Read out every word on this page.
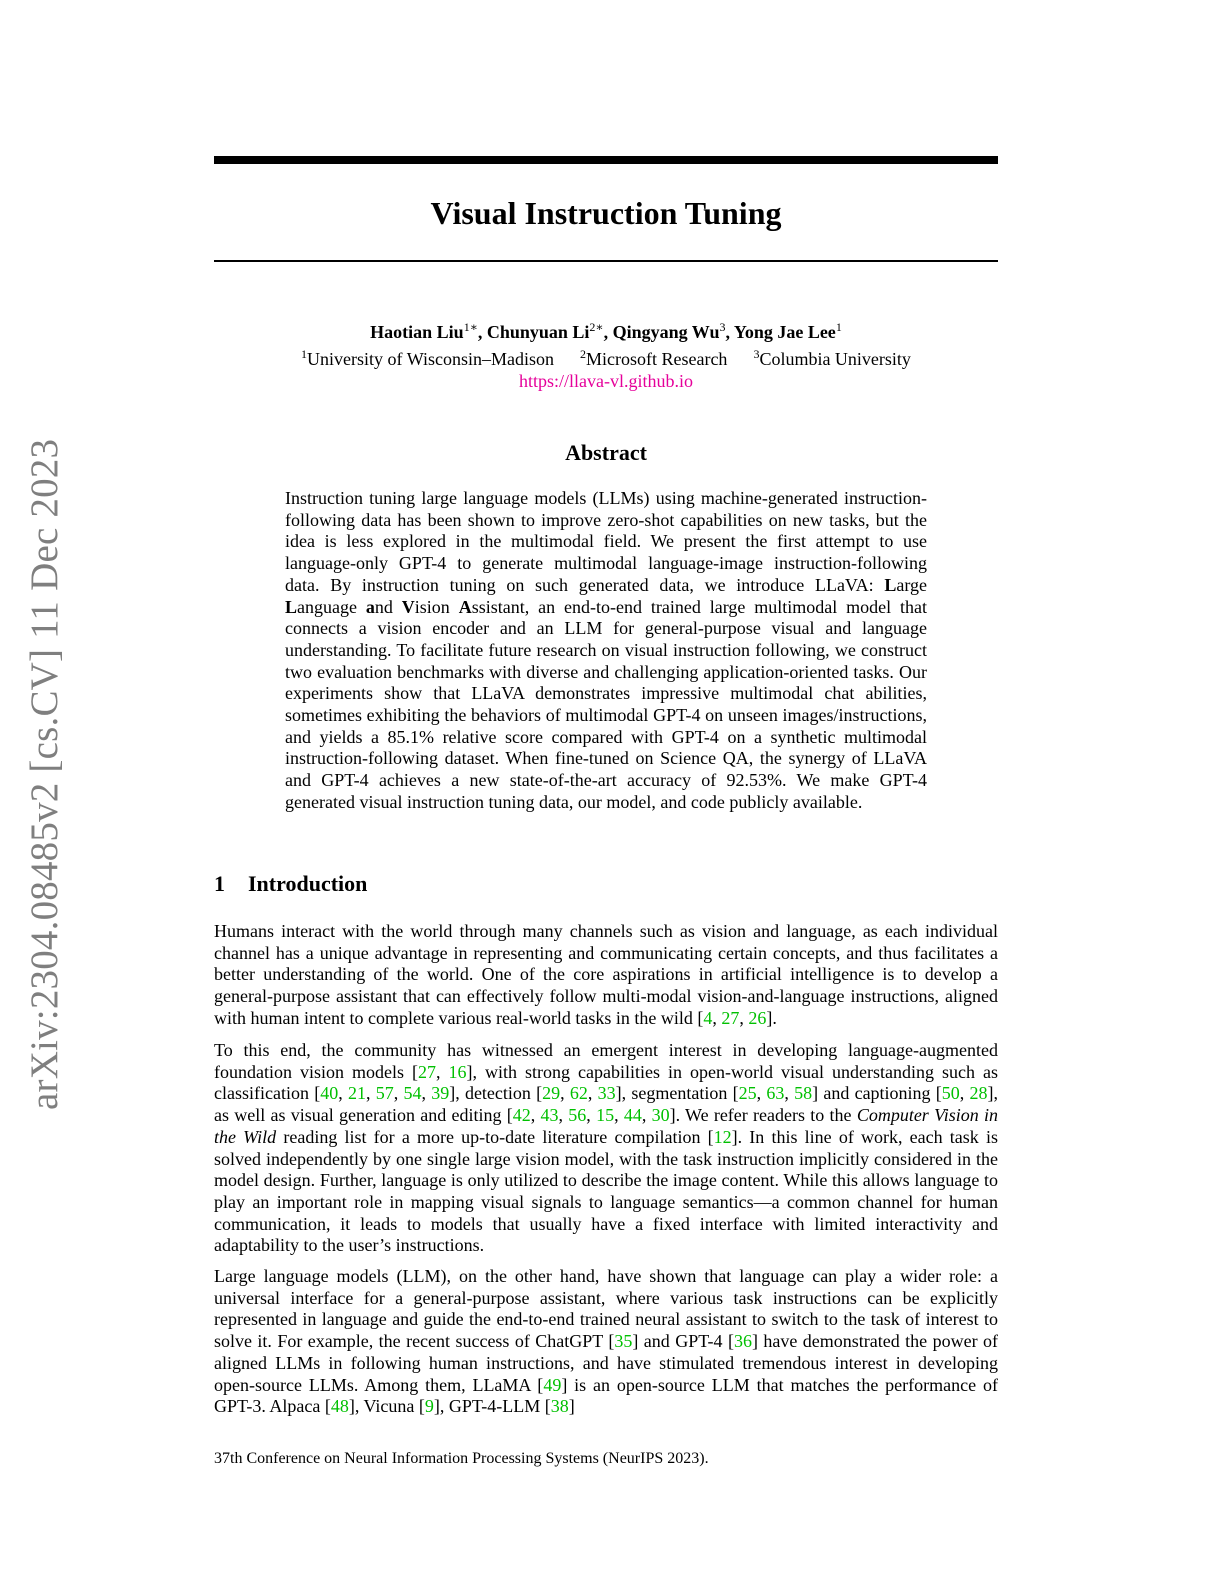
arXiv:2304.08485v2 [cs.CV] 11 Dec 2023
Visual Instruction Tuning
Haotian Liu$^{1∗}$, Chunyuan $Li^{2∗}$, Qingyang Wu$^3$, Yong Jae Lee$^1$
$^1$University of Wisconsin–Madison $^2$Microsoft Research $^3$Columbia University
https://llava-vl.github.io
Abstract
Instruction tuning large language models (LLMs) using machine-generated instruction-following data has been shown to improve zero-shot capabilities on new tasks, but the idea is less explored in the multimodal field. We present the first attempt to use language-only GPT-4 to generate multimodal language-image instruction-following data. By instruction tuning on such generated data, we introduce LLaVA: Large Language and Vision Assistant, an end-to-end trained large multimodal model that connects a vision encoder and an LLM for general-purpose visual and language understanding. To facilitate future research on visual instruction following, we construct two evaluation benchmarks with diverse and challenging application-oriented tasks. Our experiments show that LLaVA demonstrates impressive multimodal chat abilities, sometimes exhibiting the behaviors of multimodal GPT-4 on unseen images/instructions, and yields a 85.1% relative score compared with GPT-4 on a synthetic multimodal instruction-following dataset. When fine-tuned on Science QA, the synergy of LLaVA and GPT-4 achieves a new state-of-the-art accuracy of 92.53%. We make GPT-4 generated visual instruction tuning data, our model, and code publicly available.
1 Introduction
Humans interact with the world through many channels such as vision and language, as each individual channel has a unique advantage in representing and communicating certain concepts, and thus facilitates a better understanding of the world. One of the core aspirations in artificial intelligence is to develop a general-purpose assistant that can effectively follow multi-modal vision-and-language instructions, aligned with human intent to complete various real-world tasks in the wild [4, 27, 26].
To this end, the community has witnessed an emergent interest in developing language-augmented foundation vision models [27, 16], with strong capabilities in open-world visual understanding such as classification [40, 21, 57, 54, 39], detection [29, 62, 33], segmentation [25, 63, 58] and captioning [50, 28], as well as visual generation and editing [42, 43, 56, 15, 44, 30]. We refer readers to the Computer Vision in the Wild reading list for a more up-to-date literature compilation [12]. In this line of work, each task is solved independently by one single large vision model, with the task instruction implicitly considered in the model design. Further, language is only utilized to describe the image content. While this allows language to play an important role in mapping visual signals to language semantics—a common channel for human communication, it leads to models that usually have a fixed interface with limited interactivity and adaptability to the user’s instructions.
Large language models (LLM), on the other hand, have shown that language can play a wider role: a universal interface for a general-purpose assistant, where various task instructions can be explicitly represented in language and guide the end-to-end trained neural assistant to switch to the task of interest to solve it. For example, the recent success of ChatGPT [35] and GPT-4 [36] have demonstrated the power of aligned LLMs in following human instructions, and have stimulated tremendous interest in developing open-source LLMs. Among them, LLaMA [49] is an open-source LLM that matches the performance of GPT-3. Alpaca [48], Vicuna [9], GPT-4-LLM [38]
37th Conference on Neural Information Processing Systems (NeurIPS 2023).
